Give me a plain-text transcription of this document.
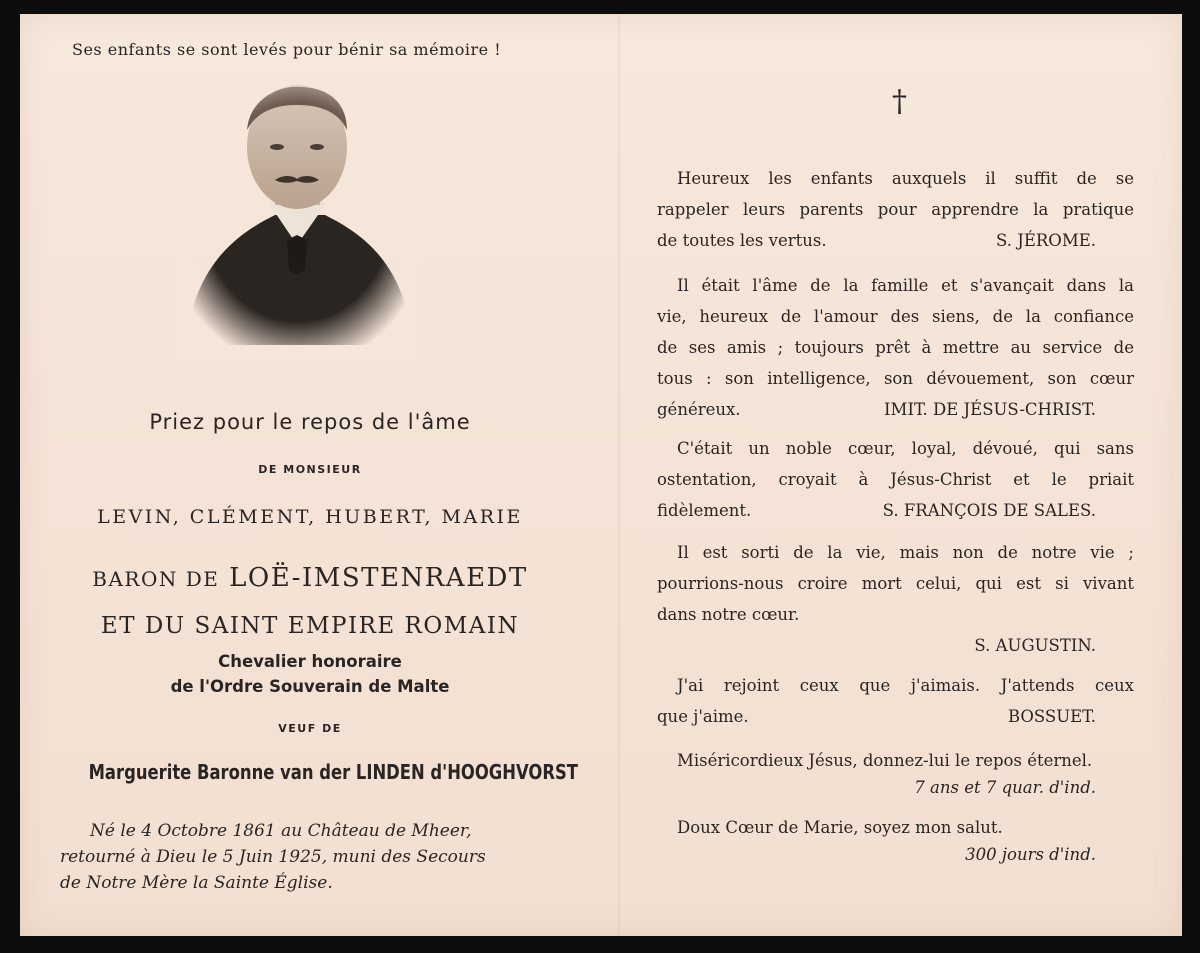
Ses enfants se sont levés pour bénir sa mémoire !
Priez pour le repos de l'âme
DE MONSIEUR
LEVIN, CLÉMENT, HUBERT, MARIE
BARON DE LOË-IMSTENRAEDT
ET DU SAINT EMPIRE ROMAIN
Chevalier honoraire
de l'Ordre Souverain de Malte
VEUF DE
Marguerite Baronne van der LINDEN d'HOOGHVORST

Né le 4 Octobre 1861 au Château de Mheer,

retourné à Dieu le 5 Juin 1925, muni des Secours

de Notre Mère la Sainte Église.

†
Heureux les enfants auxquels il suffit de se
rappeler leurs parents pour apprendre la pratique
de toutes les vertus.	S. JÉROME.
Il était l'âme de la famille et s'avançait dans la
vie, heureux de l'amour des siens, de la confiance
de ses amis ; toujours prêt à mettre au service de
tous : son intelligence, son dévouement, son cœur
généreux.	IMIT. DE JÉSUS-CHRIST.
C'était un noble cœur, loyal, dévoué, qui sans
ostentation, croyait à Jésus-Christ et le priait
fidèlement.	S. FRANÇOIS DE SALES.
Il est sorti de la vie, mais non de notre vie ;
pourrions-nous croire mort celui, qui est si vivant
dans notre cœur.
S. AUGUSTIN.
J'ai rejoint ceux que j'aimais. J'attends ceux
que j'aime.	BOSSUET.
Miséricordieux Jésus, donnez-lui le repos éternel.
7 ans et 7 quar. d'ind.
Doux Cœur de Marie, soyez mon salut.
300 jours d'ind.
